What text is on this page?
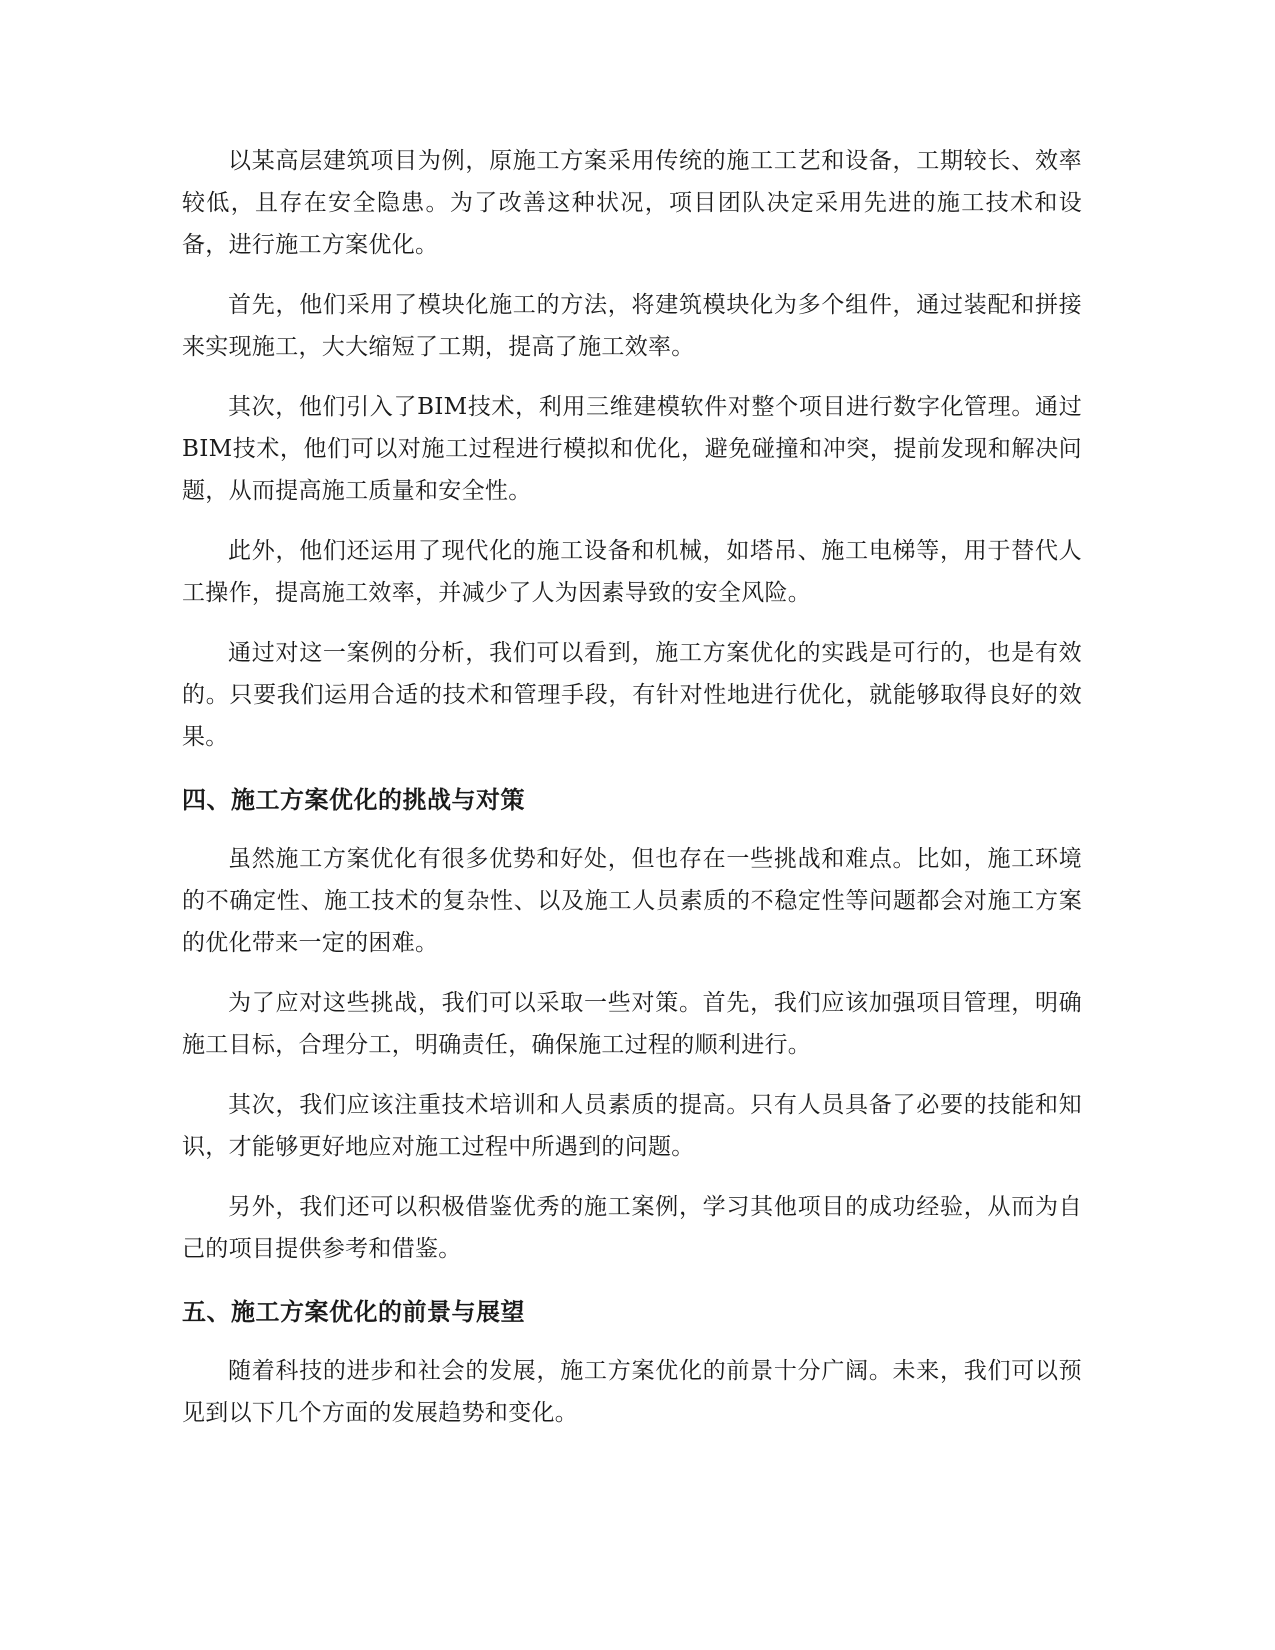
以某高层建筑项目为例，原施工方案采用传统的施工工艺和设备，工期较长、效率较低，且存在安全隐患。为了改善这种状况，项目团队决定采用先进的施工技术和设备，进行施工方案优化。

首先，他们采用了模块化施工的方法，将建筑模块化为多个组件，通过装配和拼接来实现施工，大大缩短了工期，提高了施工效率。

其次，他们引入了BIM技术，利用三维建模软件对整个项目进行数字化管理。通过BIM技术，他们可以对施工过程进行模拟和优化，避免碰撞和冲突，提前发现和解决问题，从而提高施工质量和安全性。

此外，他们还运用了现代化的施工设备和机械，如塔吊、施工电梯等，用于替代人工操作，提高施工效率，并减少了人为因素导致的安全风险。

通过对这一案例的分析，我们可以看到，施工方案优化的实践是可行的，也是有效的。只要我们运用合适的技术和管理手段，有针对性地进行优化，就能够取得良好的效果。

四、施工方案优化的挑战与对策

虽然施工方案优化有很多优势和好处，但也存在一些挑战和难点。比如，施工环境的不确定性、施工技术的复杂性、以及施工人员素质的不稳定性等问题都会对施工方案的优化带来一定的困难。

为了应对这些挑战，我们可以采取一些对策。首先，我们应该加强项目管理，明确施工目标，合理分工，明确责任，确保施工过程的顺利进行。

其次，我们应该注重技术培训和人员素质的提高。只有人员具备了必要的技能和知识，才能够更好地应对施工过程中所遇到的问题。

另外，我们还可以积极借鉴优秀的施工案例，学习其他项目的成功经验，从而为自己的项目提供参考和借鉴。

五、施工方案优化的前景与展望

随着科技的进步和社会的发展，施工方案优化的前景十分广阔。未来，我们可以预见到以下几个方面的发展趋势和变化。
